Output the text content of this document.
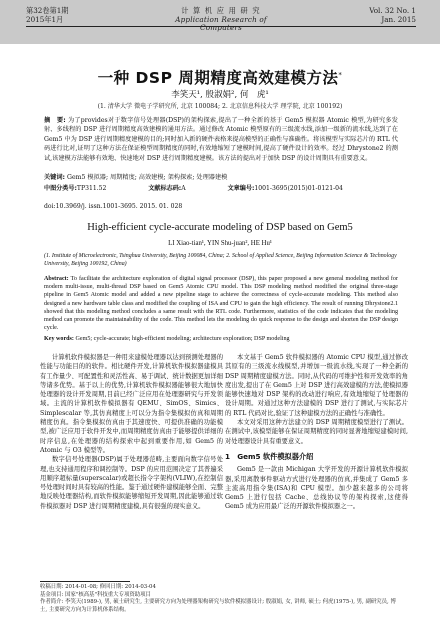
第32卷第1期
2015年1月
计 算 机 应 用 研 究
Application Research of Computers
Vol. 32 No. 1
Jan. 2015
一种 DSP 周期精度高效建模方法*
李笑天¹, 殷淑娟², 何　虎¹
(1. 清华大学 微电子学研究所, 北京 100084; 2. 北京信息科技大学 理学院, 北京 100192)
摘　要: 为了provides对于数字信号处理器(DSP)的架构探索,提出了一种全新的基于 Gem5 模拟器 Atomic 模型,为研究多发射、多线程的 DSP 进行周期精度高效建模的通用方法。通过修改 Atomic 模型原有的三级流水线,添加一级新的流水线,达到了在 Gem5 中为 DSP 进行周期精度建模的目的;同时加入新的硬件表格来提高模型的正确性与准确性。将该模型与实际芯片的 RTL 代码进行比对,证明了这种方法在保证模型周期精度的同时,有效地缩短了建模时间,提高了硬件设计的效率。经过 Dhrystone2 的测试,该建模方法能够有效地、快速地对 DSP 进行周期精度建模。该方法的提出对于加快 DSP 的设计周期具有重要意义。
关键词: Gem5 模拟器; 周期精度; 高效建模; 架构探索; 处理器建模
中图分类号:TP311.52	文献标志码:A	文章编号:1001-3695(2015)01-0121-04
doi:10.3969/j. issn.1001-3695. 2015. 01. 028
High-efficient cycle-accurate modeling of DSP based on Gem5
LI Xiao-tian¹, YIN Shu-juan², HE Hu¹
(1. Institute of Microelectronic, Tsinghua University, Beijing 100084, China; 2. School of Applied Science, Beijing Information Science & Technology University, Beijing 100192, China)
Abstract: To facilitate the architecture exploration of digital signal processor (DSP), this paper proposed a new general modeling method for modern multi-issue, multi-thread DSP based on Gem5 Atomic CPU model. This DSP modeling method modified the original three-stage pipeline in Gem5 Atomic model and added a new pipeline stage to achieve the correctness of cycle-accurate modeling. This method also designed a new hardware table class and modified the coupling of ISA and CPU to gain the high efficiency. The result of running Dhrystone2.1 showed that this modeling method concludes a same result with the RTL code. Furthermore, statistics of the code indicates that the modeling method can promote the maintainability of the code. This method lets the modeling do quick response to the design and shorten the DSP design cycle.
Key words: Gem5; cycle-accurate; high-efficient modeling; architecture exploration; DSP modeling

计算机软件模拟器是一种用来建模处理器以达到预测处理器的性能与功能目的的软件。相比硬件开发,计算机软件模拟器建模具有工作量少、可配置性和灵活性高、易于调试、统计数据更加详细等诸多优势。基于以上的优势,计算机软件模拟器能够很大地加快处理器的设计开发周期,目前已经广泛应用在处理器研究与开发领域。主流的计算机软件模拟器有 QEMU、SimOS、Simics、Simplescalar 等,其仿真精度上可以分为指令集模拟仿真和周期精度仿真。指令集模拟仿真由于其速度快、可提供准确的功能模型,被广泛应用于软件开发中,而周期精度仿真由于能够提供详细的时序信息,在处理器的结构探索中起到重要作用,如 Gem5 的 Atomic 与 O3 模型等。

数字信号处理器(DSP)属于处理器范畴,主要面向数字信号处理,也支持通用程序和调控制等。DSP 的应用范围决定了其普遍采用顺序超标量(superscalar)或超长指令字架构(VLIW),在控制信号处理时间时具有较高的性能。鉴于通过硬件建模能够全面、完整地反映处理器结构,而软件模拟能够缩短开发周期,因此能够通过软件模拟器对 DSP 进行周期精度建模,具有很强的现实意义。

本文基于 Gem5 软件模拟器的 Atomic CPU 模型,通过修改其原有的三级流水线模型,并增加一级流水线,实现了一种全新的 DSP 周期精度建模方法。同时,从代码的可维护性和开发效率的角度出发,提出了在 Gem5 上对 DSP 进行高效建模的方法,使模拟器能够快速地对 DSP 架构的改动进行响应,有效地缩短了处理器的设计周期。对通过这种方法建模的 DSP 进行了测试,与实际芯片的 RTL 代码对比,验证了这种建模方法的正确性与准确性。

本文对采用这种方法建立的 DSP 周期精度模型进行了测试。在测试中,该模型能够在保证周期精度的同时显著地缩短建模时间,对处理器设计具有重要意义。

1　Gem5 软件模拟器介绍

Gem5 是一款由 Michigan 大学开发的开源计算机软件模拟器,采用离散事件驱动方式进行处理器的仿真,并集成了 Gem5 多主流高用指令集(ISA)和 CPU 模型。加少越来越多的公司将 Gem5 上进行包括 Cache、总线协议等的架构探索,这使得 Gem5 成为应用最广泛的开源软件模拟器之一。

收稿日期: 2014-01-08; 修回日期: 2014-03-04
基金项目: 国家"核高基"科技重大专项资助项目
作者简介: 李笑天(1989-), 男, 硕士研究生, 主要研究方向为处理器架构研究与软件模拟器设计; 殷淑娟, 女, 讲师, 硕士; 何虎(1975-), 男, 副研究员, 博士, 主要研究方向为计算机体系结构。
